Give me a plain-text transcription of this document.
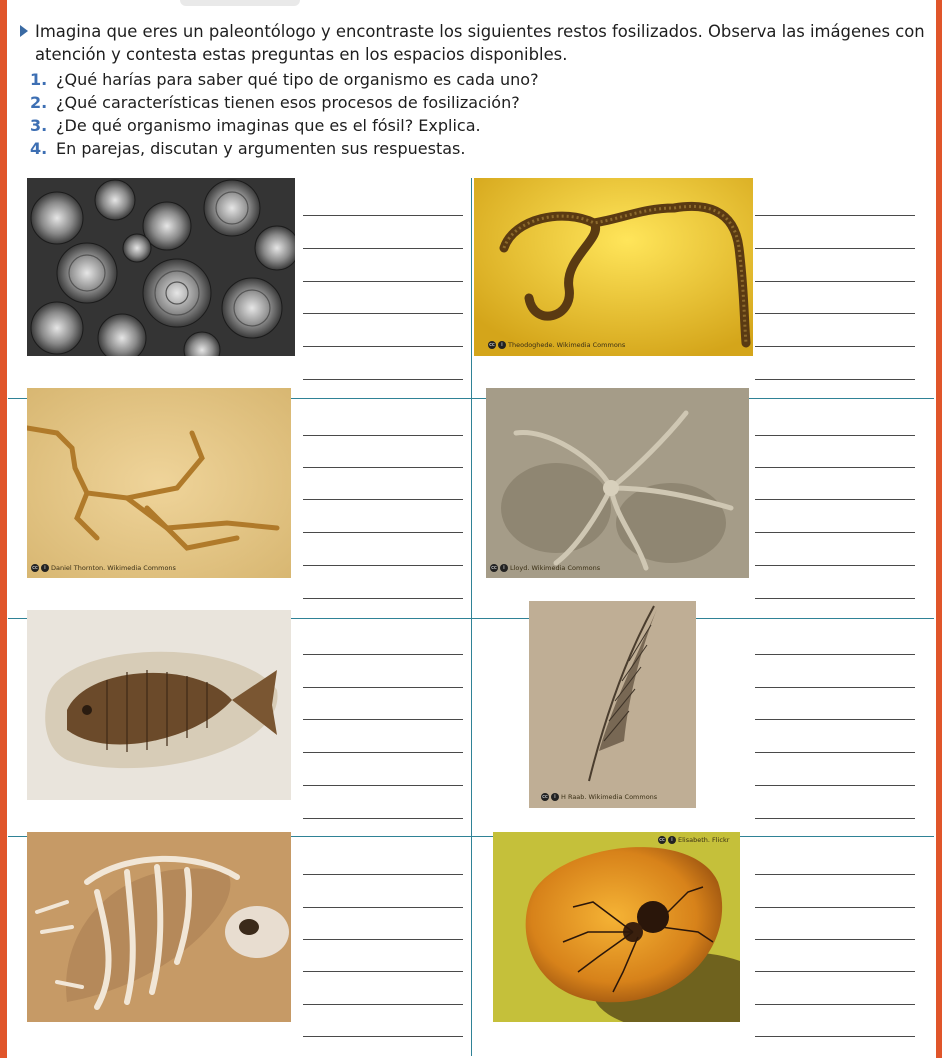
Imagina que eres un paleontólogo y encontraste los siguientes restos fosilizados. Observa las imágenes con atención y contesta estas preguntas en los espacios disponibles.
1. ¿Qué harías para saber qué tipo de organismo es cada uno?
2. ¿Qué características tienen esos procesos de fosilización?
3. ¿De qué organismo imaginas que es el fósil? Explica.
4. En parejas, discutan y argumenten sus respuestas.
cc	i Theodoghede. Wikimedia Commons
cc	i Daniel Thornton. Wikimedia Commons	cc	i Lloyd. Wikimedia Commons
cc	i H Raab. Wikimedia Commons
cc	i Elisabeth. Flickr
